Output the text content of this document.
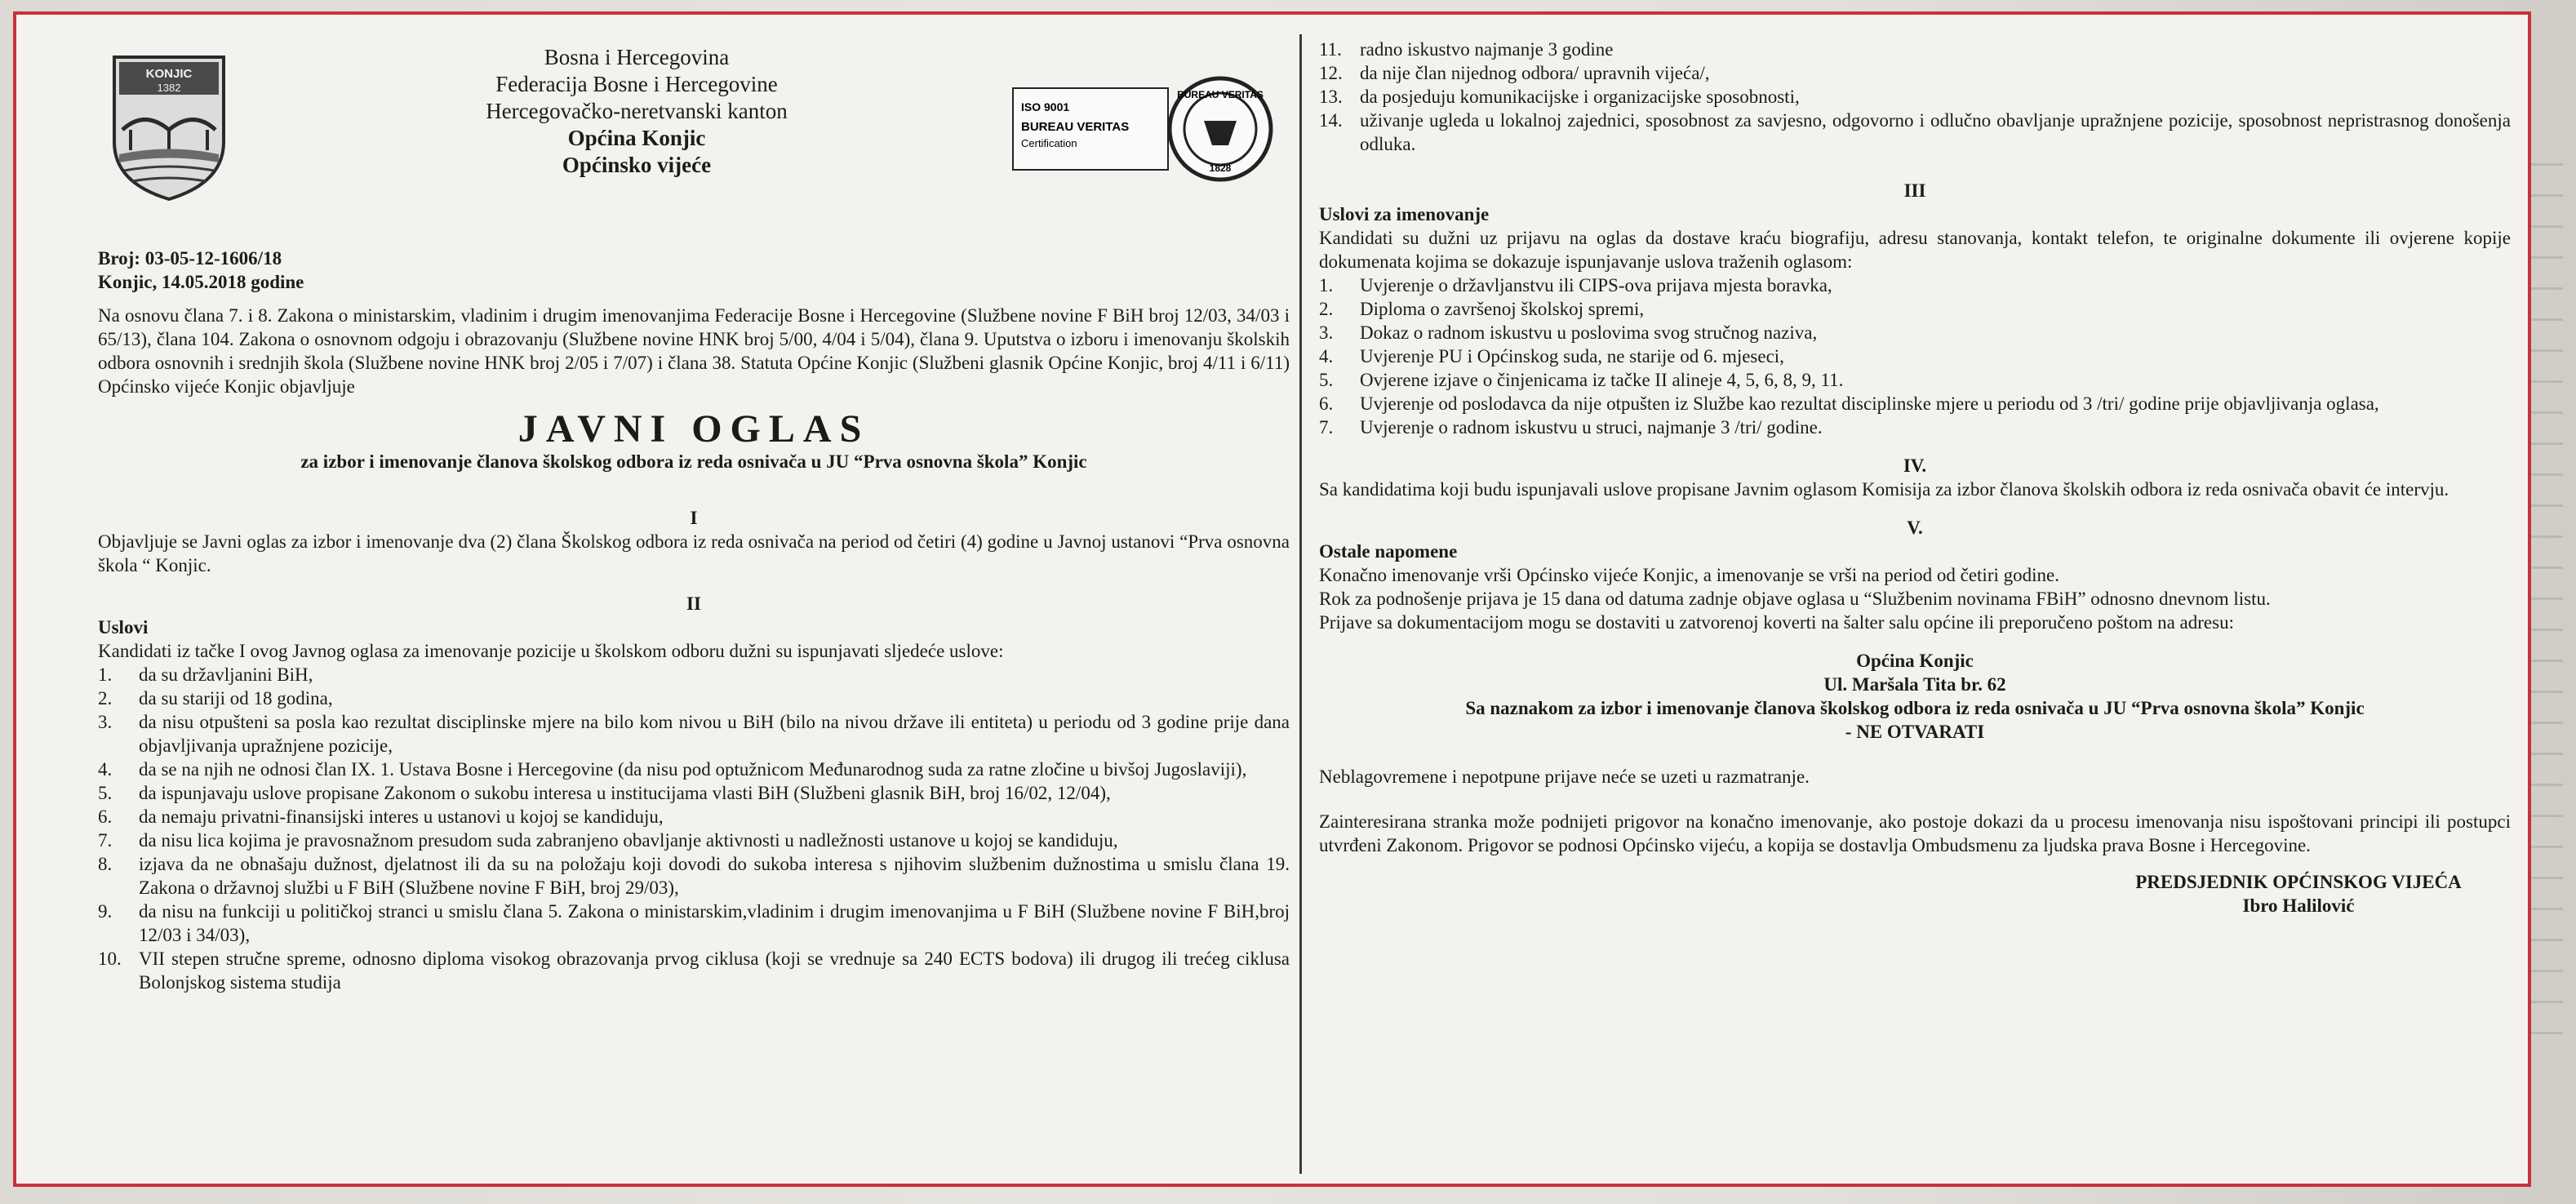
KONJIC
1382
Bosna i Hercegovina
Federacija Bosne i Hercegovine
Hercegovačko-neretvanski kanton
Općina Konjic
Općinsko vijeće
ISO 9001
BUREAU VERITAS
Certification
BUREAU VERITAS
1828
Broj: 03-05-12-1606/18
Konjic, 14.05.2018 godine

Na osnovu člana 7. i 8. Zakona o ministarskim, vladinim i drugim imenovanjima Federacije Bosne i Hercegovine (Službene novine F BiH broj 12/03, 34/03 i 65/13), člana 104. Zakona o osnovnom odgoju i obrazovanju (Službene novine HNK broj 5/00, 4/04 i 5/04), člana 9. Uputstva o izboru i imenovanju školskih odbora osnovnih i srednjih škola (Službene novine HNK broj 2/05 i 7/07) i člana 38. Statuta Općine Konjic (Službeni glasnik Općine Konjic, broj 4/11 i 6/11) Općinsko vijeće Konjic objavljuje

JAVNI OGLAS
za izbor i imenovanje članova školskog odbora iz reda osnivača u JU “Prva osnovna škola” Konjic
I

Objavljuje se Javni oglas za izbor i imenovanje dva (2) člana Školskog odbora iz reda osnivača na period od četiri (4) godine u Javnoj ustanovi “Prva osnovna škola “ Konjic.

II
Uslovi

Kandidati iz tačke I ovog Javnog oglasa za imenovanje pozicije u školskom odboru dužni su ispunjavati sljedeće uslove:

1.	da su državljanini BiH,
2.	da su stariji od 18 godina,
3.	da nisu otpušteni sa posla kao rezultat disciplinske mjere na bilo kom nivou u BiH (bilo na nivou države ili entiteta) u periodu od 3 godine prije dana objavljivanja upražnjene pozicije,
4.	da se na njih ne odnosi član IX. 1. Ustava Bosne i Hercegovine (da nisu pod optužnicom Međunarodnog suda za ratne zločine u bivšoj Jugoslaviji),
5.	da ispunjavaju uslove propisane Zakonom o sukobu interesa u institucijama vlasti BiH (Službeni glasnik BiH, broj 16/02, 12/04),
6.	da nemaju privatni-finansijski interes u ustanovi u kojoj se kandiduju,
7.	da nisu lica kojima je pravosnažnom presudom suda zabranjeno obavljanje aktivnosti u nadležnosti ustanove u kojoj se kandiduju,
8.	izjava da ne obnašaju dužnost, djelatnost ili da su na položaju koji dovodi do sukoba interesa s njihovim službenim dužnostima u smislu člana 19. Zakona o državnoj službi u F BiH (Službene novine F BiH, broj 29/03),
9.	da nisu na funkciji u političkoj stranci u smislu člana 5. Zakona o ministarskim,vladinim i drugim imenovanjima u F BiH (Službene novine F BiH,broj 12/03 i 34/03),
10. VII stepen stručne spreme, odnosno diploma visokog obrazovanja prvog ciklusa (koji se vrednuje sa 240 ECTS bodova) ili drugog ili trećeg ciklusa Bolonjskog sistema studija
11. radno iskustvo najmanje 3 godine
12. da nije član nijednog odbora/ upravnih vijeća/,
13. da posjeduju komunikacijske i organizacijske sposobnosti,
14. uživanje ugleda u lokalnoj zajednici, sposobnost za savjesno, odgovorno i odlučno obavljanje upražnjene pozicije, sposobnost nepristrasnog donošenja odluka.
III
Uslovi za imenovanje

Kandidati su dužni uz prijavu na oglas da dostave kraću biografiju, adresu stanovanja, kontakt telefon, te originalne dokumente ili ovjerene kopije dokumenata kojima se dokazuje ispunjavanje uslova traženih oglasom:

1.	Uvjerenje o državljanstvu ili CIPS-ova prijava mjesta boravka,
2.	Diploma o završenoj školskoj spremi,
3.	Dokaz o radnom iskustvu u poslovima svog stručnog naziva,
4.	Uvjerenje PU i Općinskog suda, ne starije od 6. mjeseci,
5.	Ovjerene izjave o činjenicama iz tačke II alineje 4, 5, 6, 8, 9, 11.
6.	Uvjerenje od poslodavca da nije otpušten iz Službe kao rezultat disciplinske mjere u periodu od 3 /tri/ godine prije objavljivanja oglasa,
7.	Uvjerenje o radnom iskustvu u struci, najmanje 3 /tri/ godine.
IV.

Sa kandidatima koji budu ispunjavali uslove propisane Javnim oglasom Komisija za izbor članova školskih odbora iz reda osnivača obavit će intervju.

V.
Ostale napomene

Konačno imenovanje vrši Općinsko vijeće Konjic, a imenovanje se vrši na period od četiri godine.

Rok za podnošenje prijava je 15 dana od datuma zadnje objave oglasa u “Službenim novinama FBiH” odnosno dnevnom listu.

Prijave sa dokumentacijom mogu se dostaviti u zatvorenoj koverti na šalter salu općine ili preporučeno poštom na adresu:

Općina Konjic
Ul. Maršala Tita br. 62
Sa naznakom za izbor i imenovanje članova školskog odbora iz reda osnivača u JU “Prva osnovna škola” Konjic
- NE OTVARATI

Neblagovremene i nepotpune prijave neće se uzeti u razmatranje.

Zainteresirana stranka može podnijeti prigovor na konačno imenovanje, ako postoje dokazi da u procesu imenovanja nisu ispoštovani principi ili postupci utvrđeni Zakonom. Prigovor se podnosi Općinsko vijeću, a kopija se dostavlja Ombudsmenu za ljudska prava Bosne i Hercegovine.

PREDSJEDNIK OPĆINSKOG VIJEĆA
Ibro Halilović
